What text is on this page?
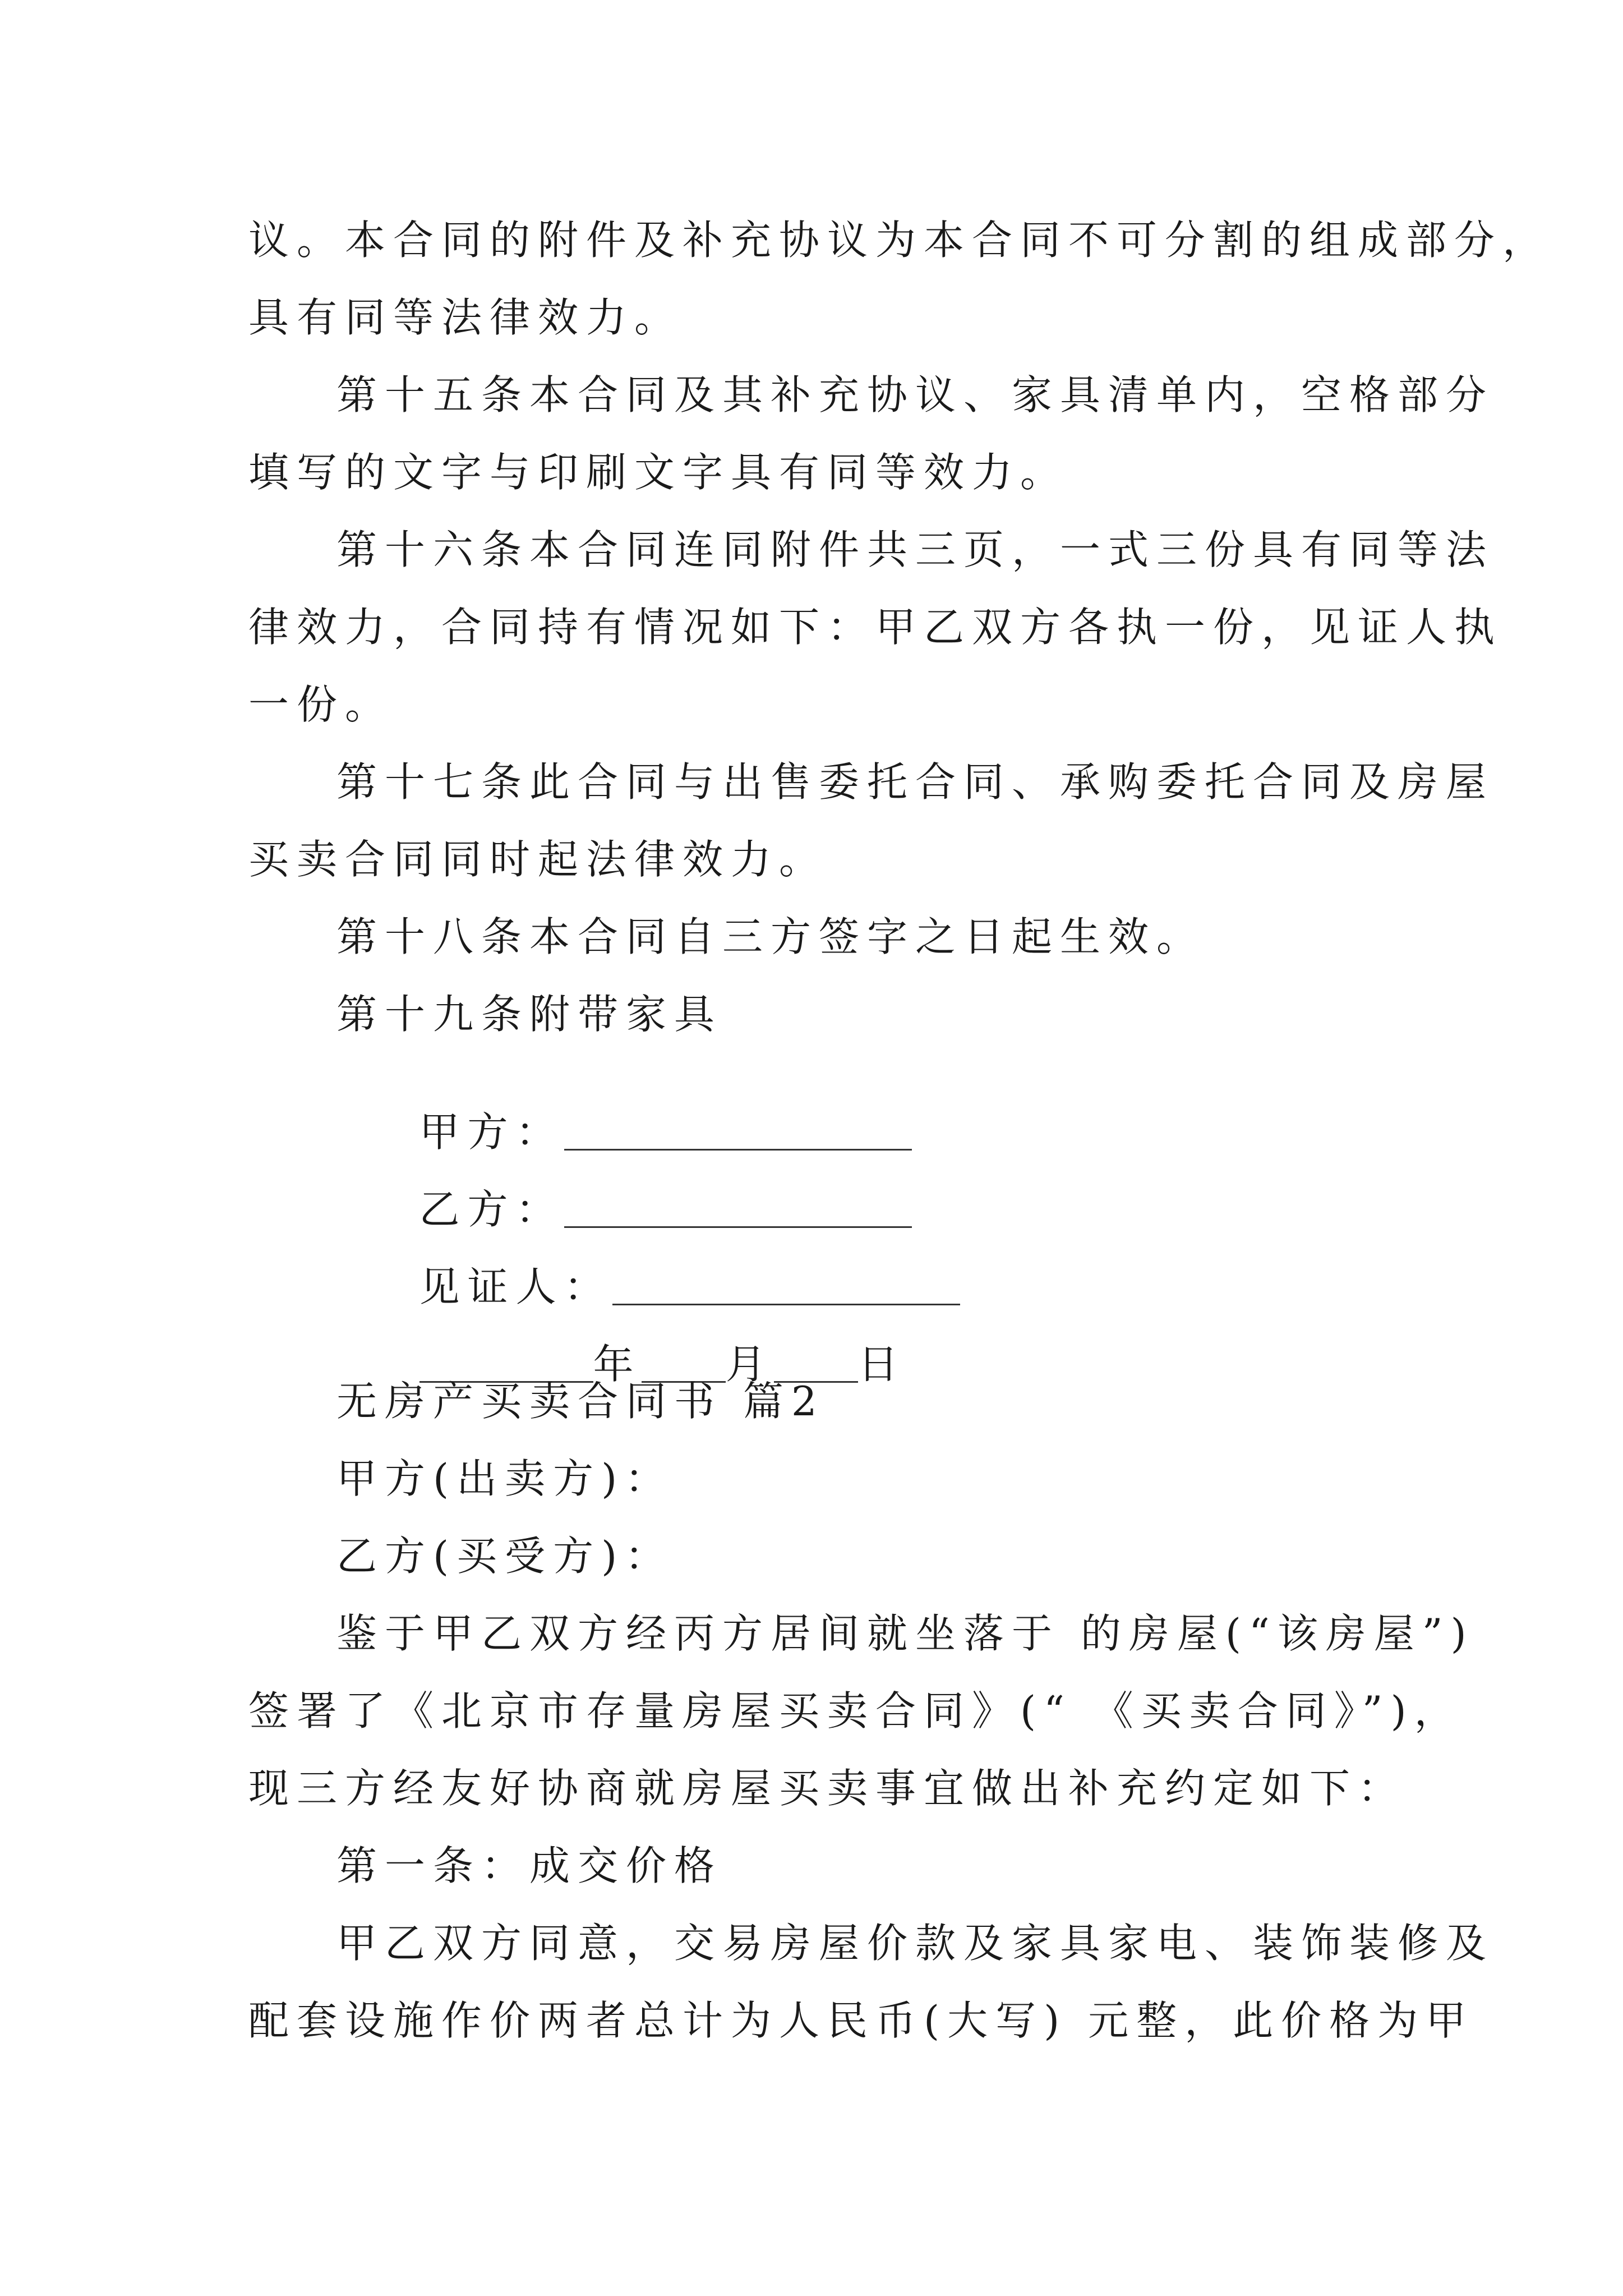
议。本合同的附件及补充协议为本合同不可分割的组成部分，
具有同等法律效力。
第十五条本合同及其补充协议、家具清单内，空格部分
填写的文字与印刷文字具有同等效力。
第十六条本合同连同附件共三页，一式三份具有同等法
律效力，合同持有情况如下：甲乙双方各执一份，见证人执
一份。
第十七条此合同与出售委托合同、承购委托合同及房屋
买卖合同同时起法律效力。
第十八条本合同自三方签字之日起生效。
第十九条附带家具

甲方：

乙方：

见证人：

年 月 日

无房产买卖合同书 篇2
甲方(出卖方)：
乙方(买受方)：
鉴于甲乙双方经丙方居间就坐落于 的房屋(“该房屋”)
签署了《北京市存量房屋买卖合同》(“ 《买卖合同》”)，
现三方经友好协商就房屋买卖事宜做出补充约定如下：
第一条：成交价格
甲乙双方同意，交易房屋价款及家具家电、装饰装修及
配套设施作价两者总计为人民币(大写) 元整，此价格为甲
